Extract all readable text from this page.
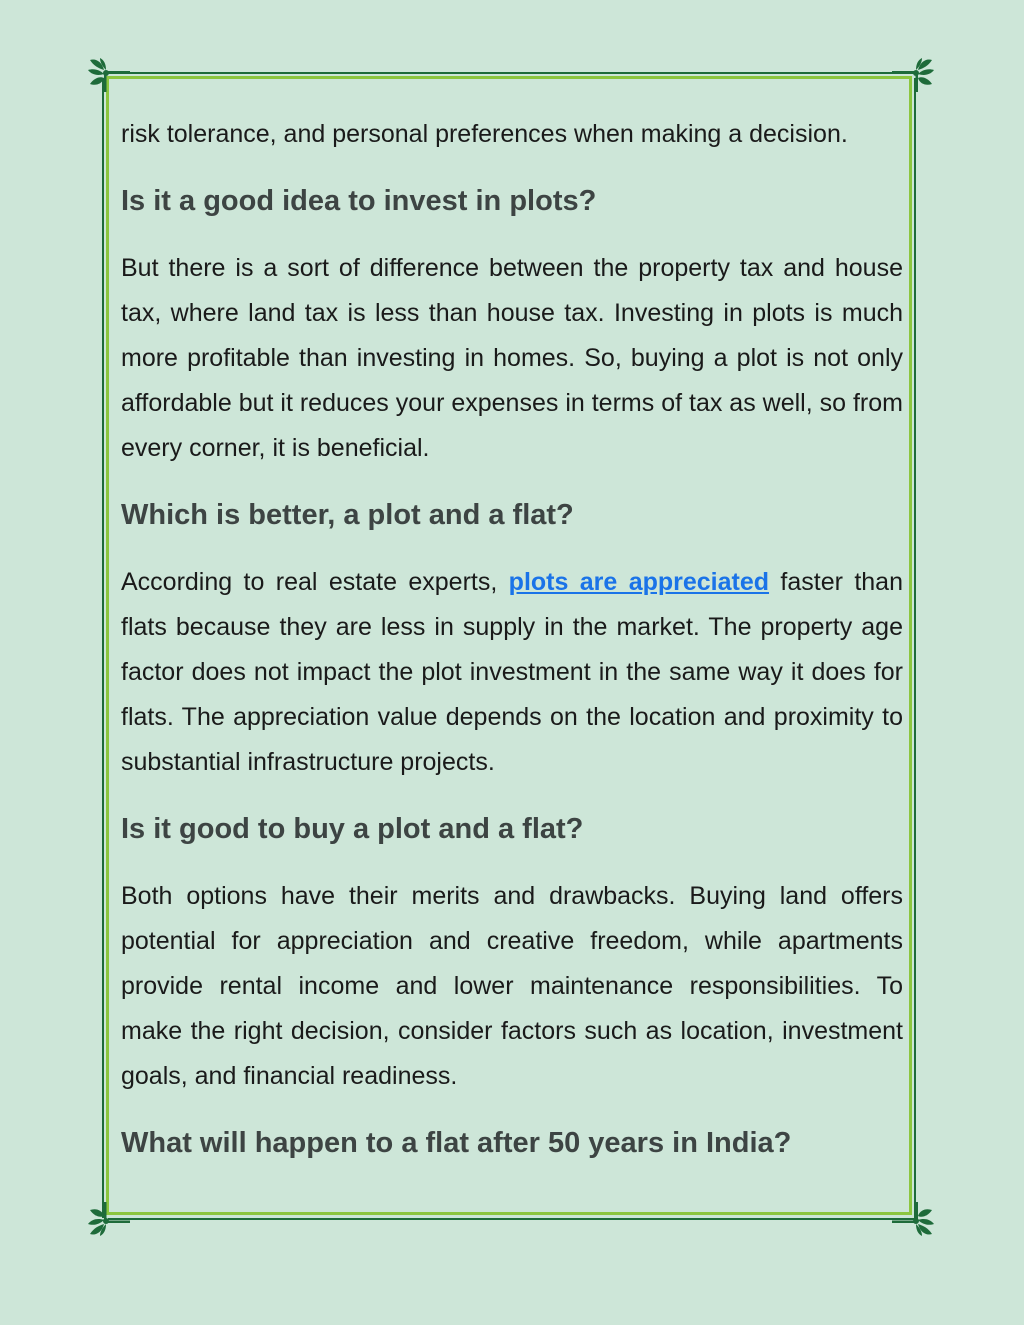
risk tolerance, and personal preferences when making a decision.

Is it a good idea to invest in plots?

But there is a sort of difference between the property tax and house tax, where land tax is less than house tax. Investing in plots is much more profitable than investing in homes. So, buying a plot is not only affordable but it reduces your expenses in terms of tax as well, so from every corner, it is beneficial.

Which is better, a plot and a flat?

According to real estate experts, plots are appreciated faster than flats because they are less in supply in the market. The property age factor does not impact the plot investment in the same way it does for flats. The appreciation value depends on the location and proximity to substantial infrastructure projects.

Is it good to buy a plot and a flat?

Both options have their merits and drawbacks. Buying land offers potential for appreciation and creative freedom, while apartments provide rental income and lower maintenance responsibilities. To make the right decision, consider factors such as location, investment goals, and financial readiness.

What will happen to a flat after 50 years in India?
